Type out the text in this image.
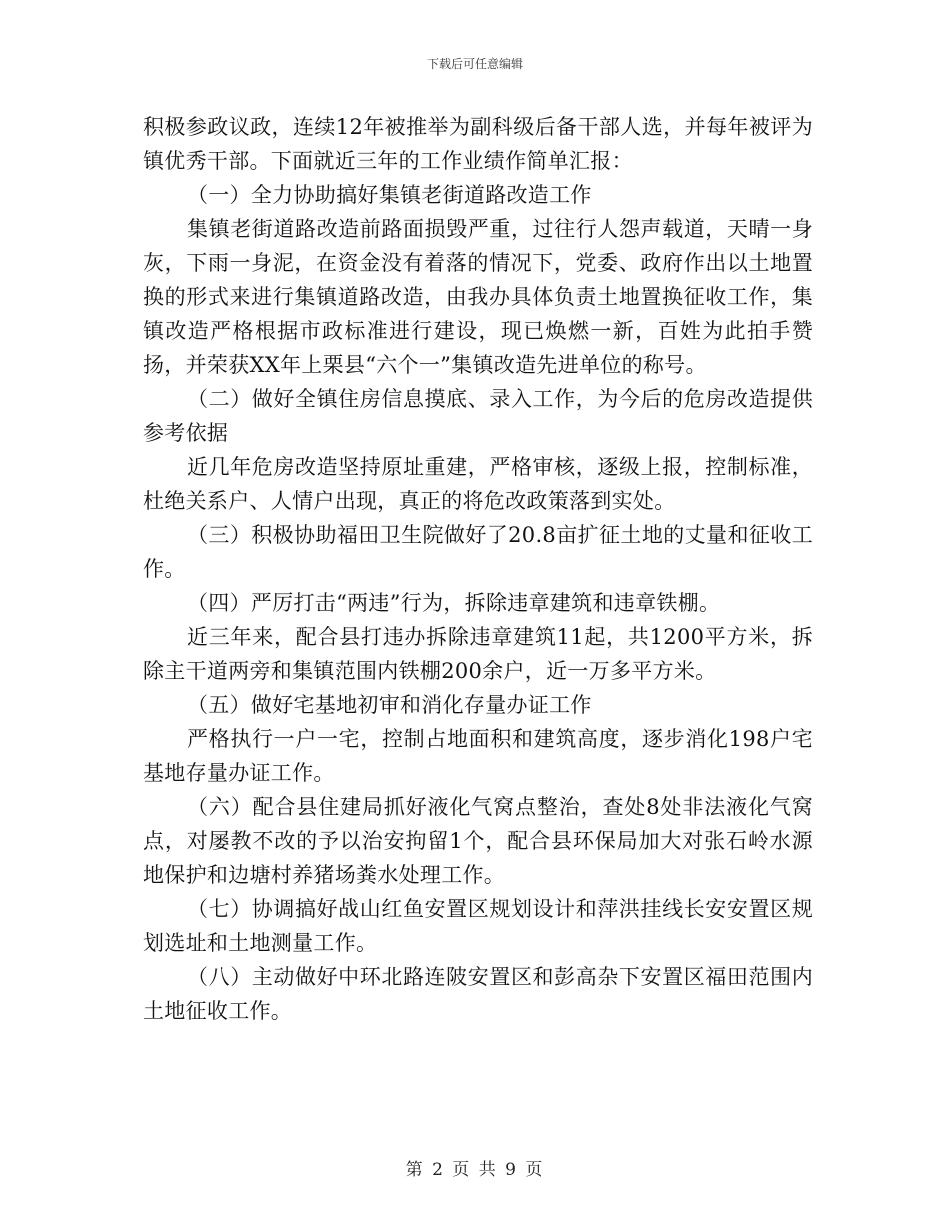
下载后可任意编辑

积极参政议政，连续12年被推举为副科级后备干部人选，并每年被评为镇优秀干部。下面就近三年的工作业绩作简单汇报：

（一）全力协助搞好集镇老街道路改造工作

集镇老街道路改造前路面损毁严重，过往行人怨声载道，天晴一身灰，下雨一身泥，在资金没有着落的情况下，党委、政府作出以土地置换的形式来进行集镇道路改造，由我办具体负责土地置换征收工作，集镇改造严格根据市政标准进行建设，现已焕燃一新，百姓为此拍手赞扬，并荣获XX年上栗县“六个一”集镇改造先进单位的称号。

（二）做好全镇住房信息摸底、录入工作，为今后的危房改造提供参考依据

近几年危房改造坚持原址重建，严格审核，逐级上报，控制标准，杜绝关系户、人情户出现，真正的将危改政策落到实处。

（三）积极协助福田卫生院做好了20.8亩扩征土地的丈量和征收工作。

（四）严厉打击“两违”行为，拆除违章建筑和违章铁棚。

近三年来，配合县打违办拆除违章建筑11起，共1200平方米，拆除主干道两旁和集镇范围内铁棚200余户，近一万多平方米。

（五）做好宅基地初审和消化存量办证工作

严格执行一户一宅，控制占地面积和建筑高度，逐步消化198户宅基地存量办证工作。

（六）配合县住建局抓好液化气窝点整治，查处8处非法液化气窝点，对屡教不改的予以治安拘留1个，配合县环保局加大对张石岭水源地保护和边塘村养猪场粪水处理工作。

（七）协调搞好战山红鱼安置区规划设计和萍洪挂线长安安置区规划选址和土地测量工作。

（八）主动做好中环北路连陂安置区和彭高杂下安置区福田范围内土地征收工作。

第 2 页 共 9 页
